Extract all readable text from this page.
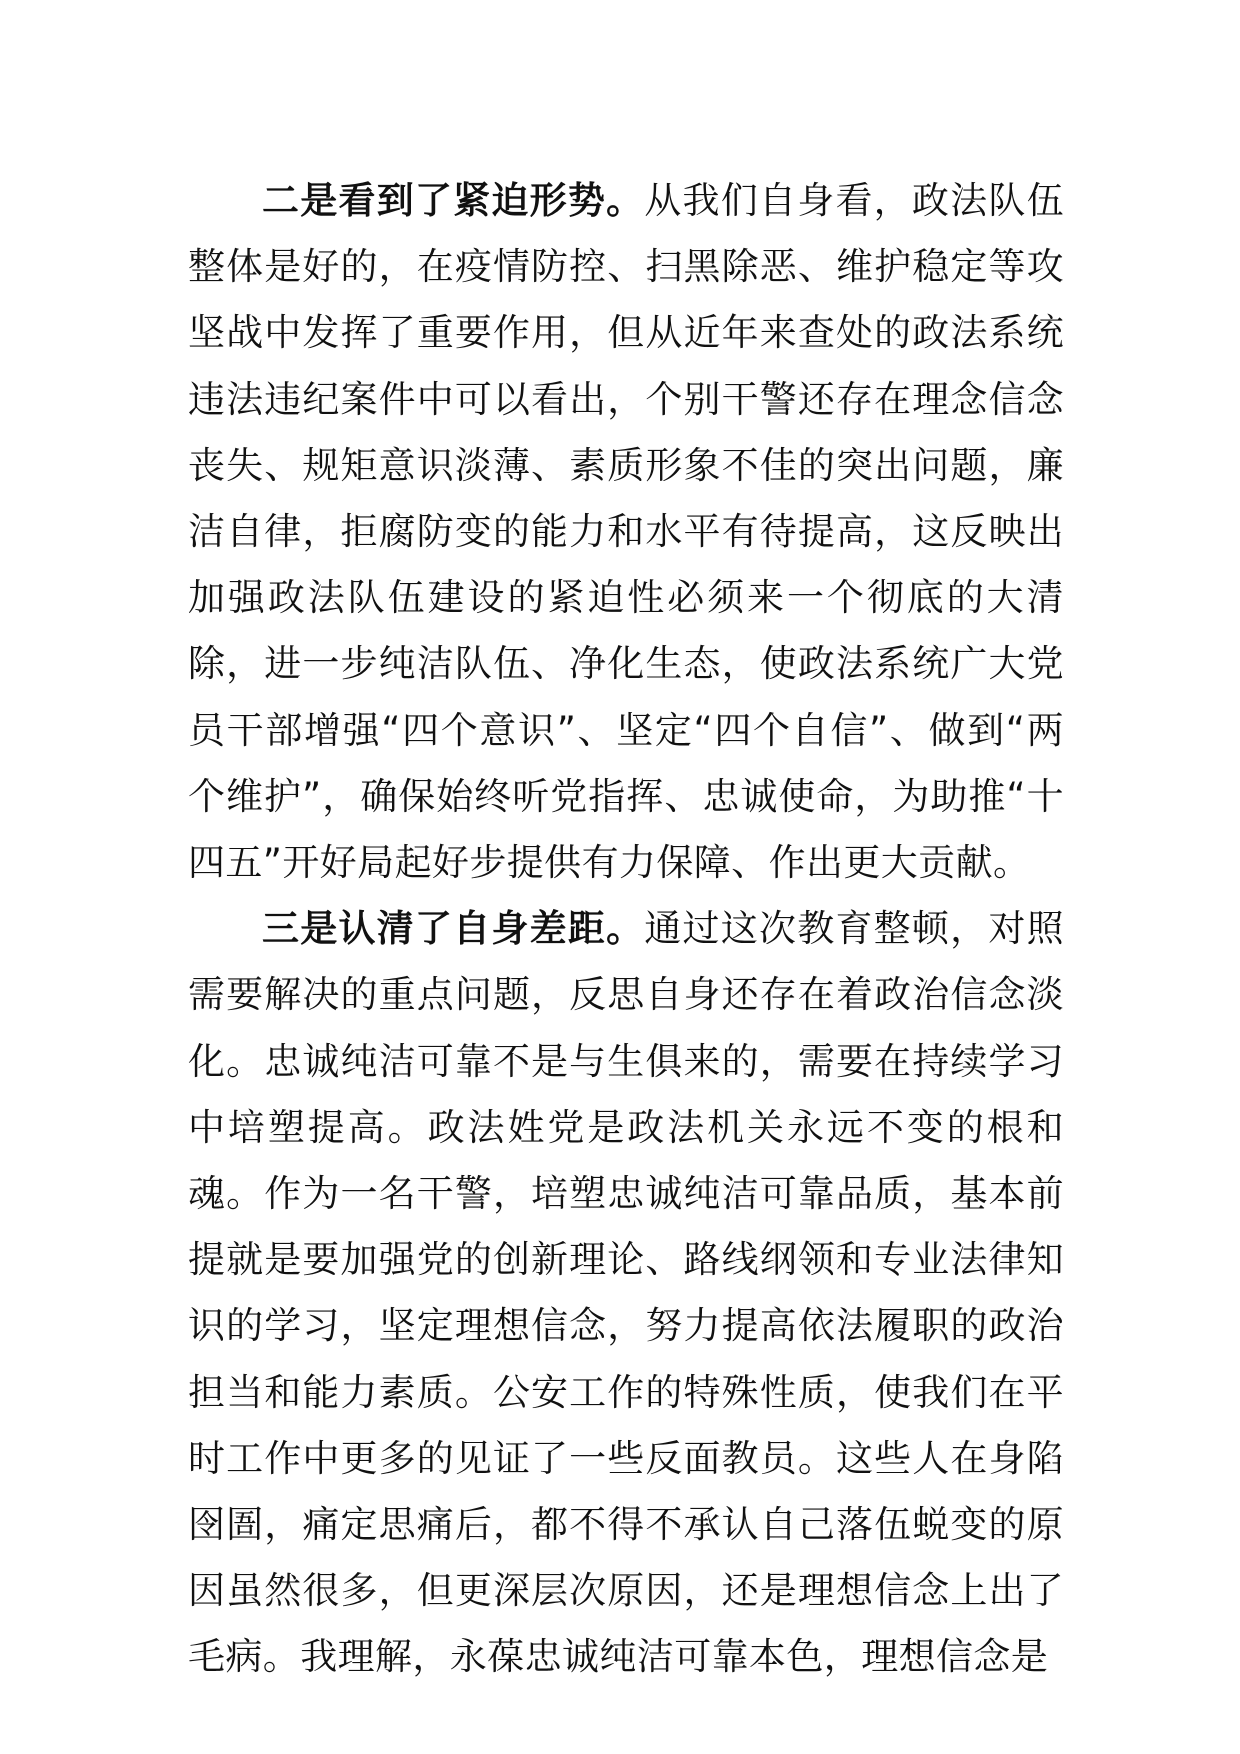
二是看到了紧迫形势。从我们自身看，政法队伍整体是好的，在疫情防控、扫黑除恶、维护稳定等攻坚战中发挥了重要作用，但从近年来查处的政法系统违法违纪案件中可以看出，个别干警还存在理念信念丧失、规矩意识淡薄、素质形象不佳的突出问题，廉洁自律，拒腐防变的能力和水平有待提高，这反映出加强政法队伍建设的紧迫性必须来一个彻底的大清除，进一步纯洁队伍、净化生态，使政法系统广大党员干部增强“四个意识”、坚定“四个自信”、做到“两个维护”，确保始终听党指挥、忠诚使命，为助推“十四五”开好局起好步提供有力保障、作出更大贡献。

三是认清了自身差距。通过这次教育整顿，对照需要解决的重点问题，反思自身还存在着政治信念淡化。忠诚纯洁可靠不是与生俱来的，需要在持续学习中培塑提高。政法姓党是政法机关永远不变的根和魂。作为一名干警，培塑忠诚纯洁可靠品质，基本前提就是要加强党的创新理论、路线纲领和专业法律知识的学习，坚定理想信念，努力提高依法履职的政治担当和能力素质。公安工作的特殊性质，使我们在平时工作中更多的见证了一些反面教员。这些人在身陷囹圄，痛定思痛后，都不得不承认自己落伍蜕变的原因虽然很多，但更深层次原因，还是理想信念上出了毛病。我理解，永葆忠诚纯洁可靠本色，理想信念是
